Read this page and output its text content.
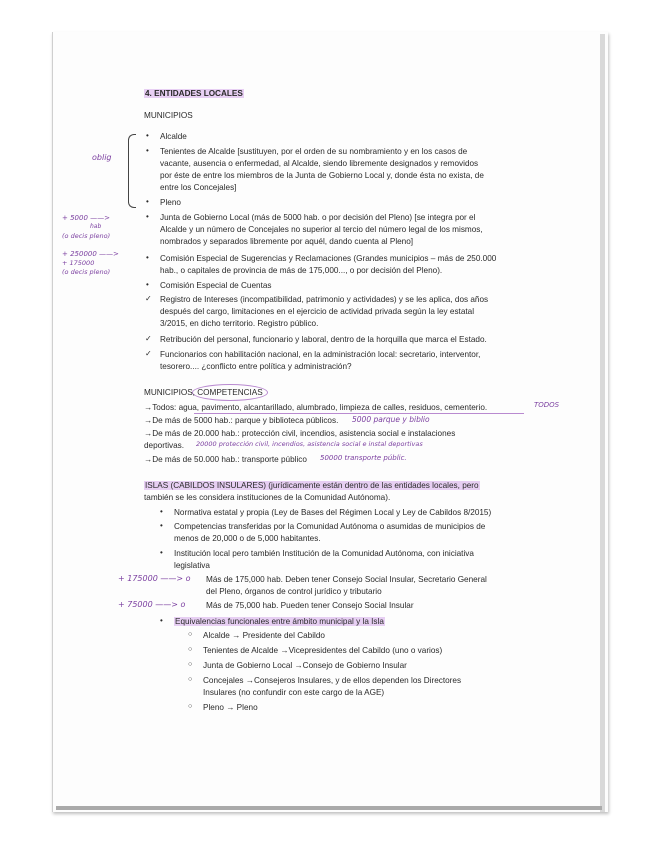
4. ENTIDADES LOCALES
MUNICIPIOS
oblig
• Alcalde
• Tenientes de Alcalde [sustituyen, por el orden de su nombramiento y en los casos de
vacante, ausencia o enfermedad, al Alcalde, siendo libremente designados y removidos
por éste de entre los miembros de la Junta de Gobierno Local y, donde ésta no exista, de
entre los Concejales]
• Pleno
+ 5000 ——>
hab
(o decis pleno)
• Junta de Gobierno Local (más de 5000 hab. o por decisión del Pleno) [se integra por el
Alcalde y un número de Concejales no superior al tercio del número legal de los mismos,
nombrados y separados libremente por aquél, dando cuenta al Pleno]
+ 250000 ——>
+ 175000
(o decis pleno)
• Comisión Especial de Sugerencias y Reclamaciones (Grandes municipios – más de 250.000
hab., o capitales de provincia de más de 175,000..., o por decisión del Pleno).
• Comisión Especial de Cuentas
✓ Registro de Intereses (incompatibilidad, patrimonio y actividades) y se les aplica, dos años
después del cargo, limitaciones en el ejercicio de actividad privada según la ley estatal
3/2015, en dicho territorio. Registro público.
✓ Retribución del personal, funcionario y laboral, dentro de la horquilla que marca el Estado.
✓ Funcionarios con habilitación nacional, en la administración local: secretario, interventor,
tesorero.... ¿conflicto entre política y administración?
MUNICIPIOS, COMPETENCIAS
→Todos: agua, pavimento, alcantarillado, alumbrado, limpieza de calles, residuos, cementerio.	TODOS
→De más de 5000 hab.: parque y biblioteca públicos. 5000 parque y biblio
→De más de 20.000 hab.: protección civil, incendios, asistencia social e instalaciones
deportivas. 20000 protección civil, incendios, asistencia social e instal deportivas
→De más de 50.000 hab.: transporte público 50000 transporte públic.
ISLAS (CABILDOS INSULARES) (jurídicamente están dentro de las entidades locales, pero
también se les considera instituciones de la Comunidad Autónoma).
• Normativa estatal y propia (Ley de Bases del Régimen Local y Ley de Cabildos 8/2015)
• Competencias transferidas por la Comunidad Autónoma o asumidas de municipios de
menos de 20,000 o de 5,000 habitantes.
• Institución local pero también Institución de la Comunidad Autónoma, con iniciativa
legislativa
+ 175000 ——> o Más de 175,000 hab. Deben tener Consejo Social Insular, Secretario General
del Pleno, órganos de control jurídico y tributario
+ 75000 ——> o	Más de 75,000 hab. Pueden tener Consejo Social Insular
• Equivalencias funcionales entre ámbito municipal y la Isla
○ Alcalde → Presidente del Cabildo
○ Tenientes de Alcalde →Vicepresidentes del Cabildo (uno o varios)
○ Junta de Gobierno Local →Consejo de Gobierno Insular
○ Concejales →Consejeros Insulares, y de ellos dependen los Directores
Insulares (no confundir con este cargo de la AGE)
○ Pleno → Pleno
